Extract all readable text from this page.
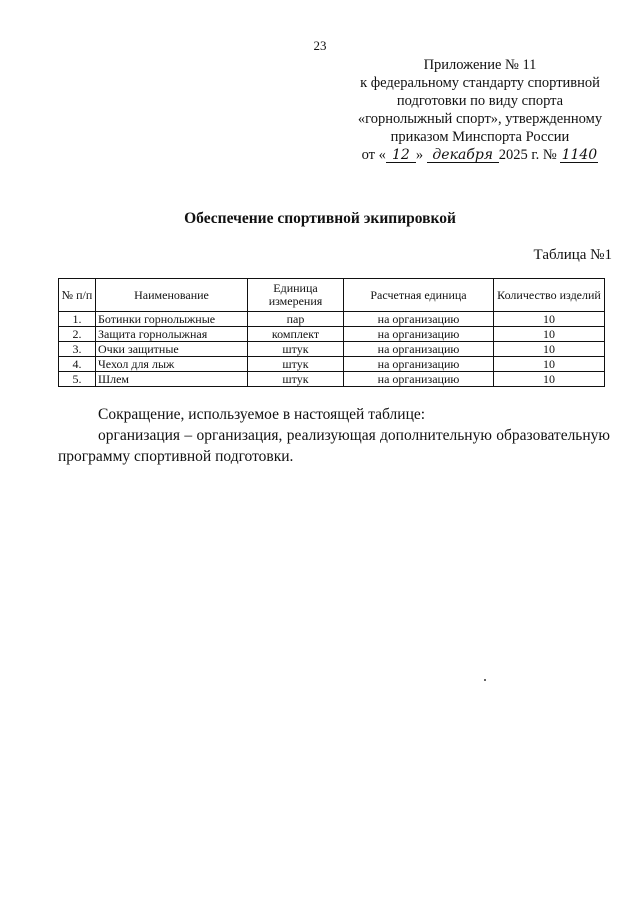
23
Приложение № 11
к федеральному стандарту спортивной
подготовки по виду спорта
«горнолыжный спорт», утвержденному
приказом Минспорта России
от « 12 » декабря 2025 г. № 1140
Обеспечение спортивной экипировкой
Таблица №1
№ п/п	Наименование	Единица измерения	Расчетная единица	Количество изделий
1.	Ботинки горнолыжные	пар	на организацию	10
2.	Защита горнолыжная	комплект	на организацию	10
3.	Очки защитные	штук	на организацию	10
4.	Чехол для лыж	штук	на организацию	10
5.	Шлем	штук	на организацию	10
Сокращение, используемое в настоящей таблице:
организация – организация, реализующая дополнительную образовательную программу спортивной подготовки.
